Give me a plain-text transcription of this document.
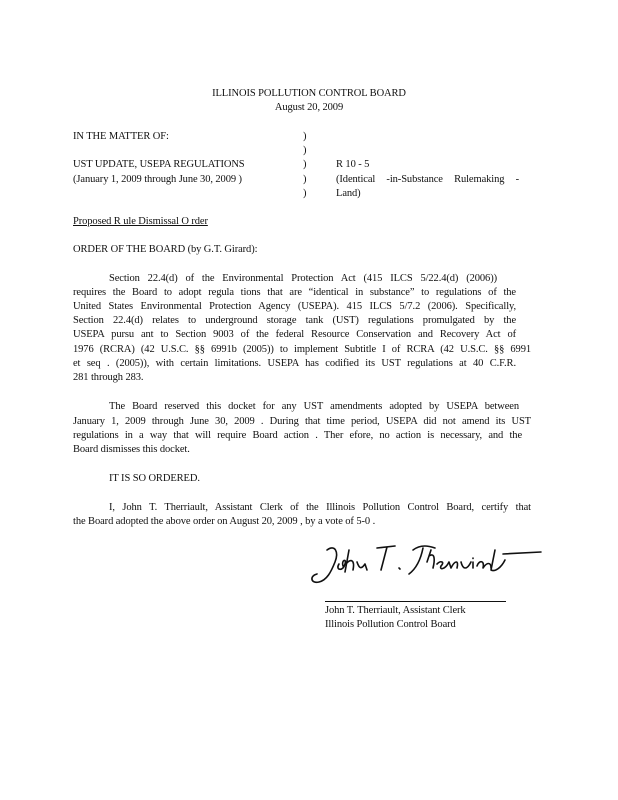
ILLINOIS POLLUTION CONTROL BOARD
August 20, 2009
IN THE MATTER OF:
UST UPDATE, USEPA REGULATIONS
(January 1, 2009 through June 30, 2009 )
)
)
)
)
)
R 10 - 5
(Identical -in-Substance Rulemaking -
Land)
Proposed R ule Dismissal O rder
ORDER OF THE BOARD (by G.T. Girard):
Section 22.4(d) of the Environmental Protection Act (415 ILCS 5/22.4(d) (2006))
requires the Board to adopt regula tions that are “identical in substance” to regulations of the
United States Environmental Protection Agency (USEPA). 415 ILCS 5/7.2 (2006). Specifically,
Section 22.4(d) relates to underground storage tank (UST) regulations promulgated by the
USEPA pursu ant to Section 9003 of the federal Resource Conservation and Recovery Act of
1976 (RCRA) (42 U.S.C. §§ 6991b (2005)) to implement Subtitle I of RCRA (42 U.S.C. §§ 6991
et seq . (2005)), with certain limitations. USEPA has codified its UST regulations at 40 C.F.R.
281 through 283.
The Board reserved this docket for any UST amendments adopted by USEPA between
January 1, 2009 through June 30, 2009 . During that time period, USEPA did not amend its UST
regulations in a way that will require Board action . Ther efore, no action is necessary, and the
Board dismisses this docket.
IT IS SO ORDERED.
I, John T. Therriault, Assistant Clerk of the Illinois Pollution Control Board, certify that
the Board adopted the above order on August 20, 2009 , by a vote of 5-0 .
John T. Therriault, Assistant Clerk
Illinois Pollution Control Board
